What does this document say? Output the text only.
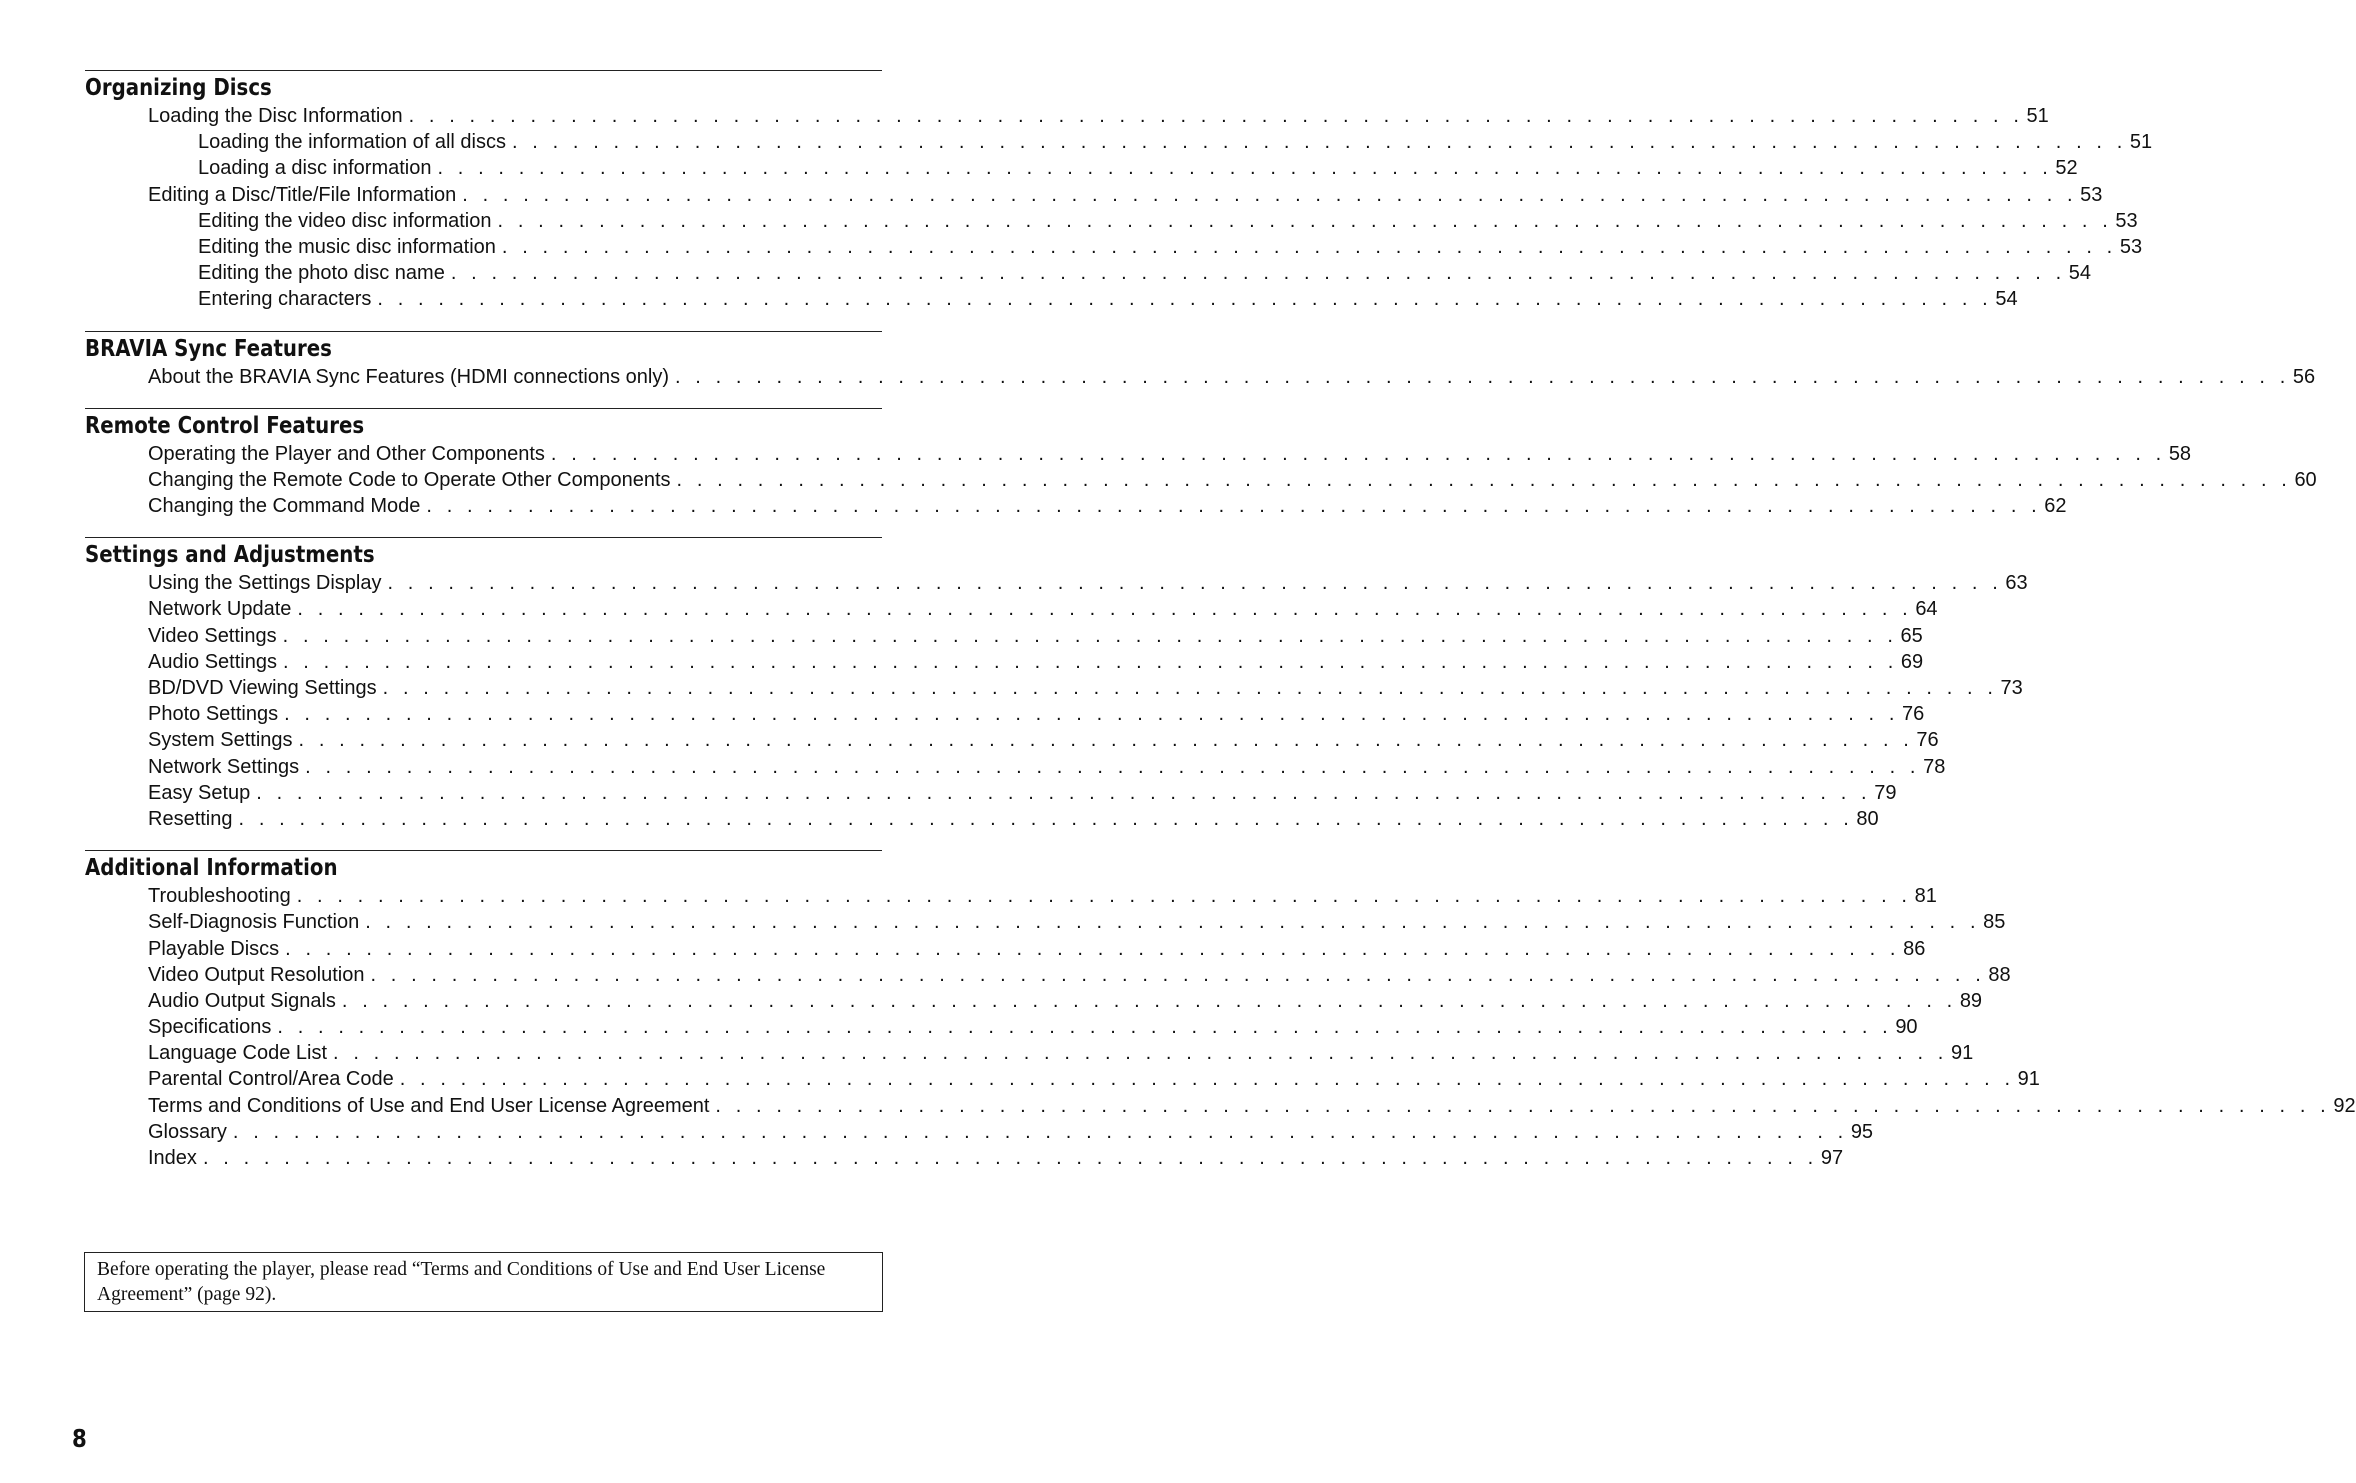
Organizing Discs
Loading the Disc Information . . . . . . . . . . . . . . . . . . . . . . . . . . . . . . . . . . . . . . . . . . . . . . . . . . . . . . . . . . . . . . . . . . . . . . . . . . . . . . . . 51
Loading the information of all discs . . . . . . . . . . . . . . . . . . . . . . . . . . . . . . . . . . . . . . . . . . . . . . . . . . . . . . . . . . . . . . . . . . . . . . . . . . . . . . . . 51
Loading a disc information . . . . . . . . . . . . . . . . . . . . . . . . . . . . . . . . . . . . . . . . . . . . . . . . . . . . . . . . . . . . . . . . . . . . . . . . . . . . . . . . 52
Editing a Disc/Title/File Information . . . . . . . . . . . . . . . . . . . . . . . . . . . . . . . . . . . . . . . . . . . . . . . . . . . . . . . . . . . . . . . . . . . . . . . . . . . . . . . . 53
Editing the video disc information . . . . . . . . . . . . . . . . . . . . . . . . . . . . . . . . . . . . . . . . . . . . . . . . . . . . . . . . . . . . . . . . . . . . . . . . . . . . . . . . 53
Editing the music disc information . . . . . . . . . . . . . . . . . . . . . . . . . . . . . . . . . . . . . . . . . . . . . . . . . . . . . . . . . . . . . . . . . . . . . . . . . . . . . . . . 53
Editing the photo disc name . . . . . . . . . . . . . . . . . . . . . . . . . . . . . . . . . . . . . . . . . . . . . . . . . . . . . . . . . . . . . . . . . . . . . . . . . . . . . . . . 54
Entering characters . . . . . . . . . . . . . . . . . . . . . . . . . . . . . . . . . . . . . . . . . . . . . . . . . . . . . . . . . . . . . . . . . . . . . . . . . . . . . . . . 54
BRAVIA Sync Features
About the BRAVIA Sync Features (HDMI connections only) . . . . . . . . . . . . . . . . . . . . . . . . . . . . . . . . . . . . . . . . . . . . . . . . . . . . . . . . . . . . . . . . . . . . . . . . . . . . . . . . 56
Remote Control Features
Operating the Player and Other Components . . . . . . . . . . . . . . . . . . . . . . . . . . . . . . . . . . . . . . . . . . . . . . . . . . . . . . . . . . . . . . . . . . . . . . . . . . . . . . . . 58
Changing the Remote Code to Operate Other Components . . . . . . . . . . . . . . . . . . . . . . . . . . . . . . . . . . . . . . . . . . . . . . . . . . . . . . . . . . . . . . . . . . . . . . . . . . . . . . . . 60
Changing the Command Mode . . . . . . . . . . . . . . . . . . . . . . . . . . . . . . . . . . . . . . . . . . . . . . . . . . . . . . . . . . . . . . . . . . . . . . . . . . . . . . . . 62
Settings and Adjustments
Using the Settings Display . . . . . . . . . . . . . . . . . . . . . . . . . . . . . . . . . . . . . . . . . . . . . . . . . . . . . . . . . . . . . . . . . . . . . . . . . . . . . . . . 63
Network Update . . . . . . . . . . . . . . . . . . . . . . . . . . . . . . . . . . . . . . . . . . . . . . . . . . . . . . . . . . . . . . . . . . . . . . . . . . . . . . . . 64
Video Settings . . . . . . . . . . . . . . . . . . . . . . . . . . . . . . . . . . . . . . . . . . . . . . . . . . . . . . . . . . . . . . . . . . . . . . . . . . . . . . . . 65
Audio Settings . . . . . . . . . . . . . . . . . . . . . . . . . . . . . . . . . . . . . . . . . . . . . . . . . . . . . . . . . . . . . . . . . . . . . . . . . . . . . . . . 69
BD/DVD Viewing Settings . . . . . . . . . . . . . . . . . . . . . . . . . . . . . . . . . . . . . . . . . . . . . . . . . . . . . . . . . . . . . . . . . . . . . . . . . . . . . . . . 73
Photo Settings . . . . . . . . . . . . . . . . . . . . . . . . . . . . . . . . . . . . . . . . . . . . . . . . . . . . . . . . . . . . . . . . . . . . . . . . . . . . . . . . 76
System Settings . . . . . . . . . . . . . . . . . . . . . . . . . . . . . . . . . . . . . . . . . . . . . . . . . . . . . . . . . . . . . . . . . . . . . . . . . . . . . . . . 76
Network Settings . . . . . . . . . . . . . . . . . . . . . . . . . . . . . . . . . . . . . . . . . . . . . . . . . . . . . . . . . . . . . . . . . . . . . . . . . . . . . . . . 78
Easy Setup . . . . . . . . . . . . . . . . . . . . . . . . . . . . . . . . . . . . . . . . . . . . . . . . . . . . . . . . . . . . . . . . . . . . . . . . . . . . . . . . 79
Resetting . . . . . . . . . . . . . . . . . . . . . . . . . . . . . . . . . . . . . . . . . . . . . . . . . . . . . . . . . . . . . . . . . . . . . . . . . . . . . . . . 80
Additional Information
Troubleshooting . . . . . . . . . . . . . . . . . . . . . . . . . . . . . . . . . . . . . . . . . . . . . . . . . . . . . . . . . . . . . . . . . . . . . . . . . . . . . . . . 81
Self-Diagnosis Function . . . . . . . . . . . . . . . . . . . . . . . . . . . . . . . . . . . . . . . . . . . . . . . . . . . . . . . . . . . . . . . . . . . . . . . . . . . . . . . . 85
Playable Discs . . . . . . . . . . . . . . . . . . . . . . . . . . . . . . . . . . . . . . . . . . . . . . . . . . . . . . . . . . . . . . . . . . . . . . . . . . . . . . . . 86
Video Output Resolution . . . . . . . . . . . . . . . . . . . . . . . . . . . . . . . . . . . . . . . . . . . . . . . . . . . . . . . . . . . . . . . . . . . . . . . . . . . . . . . . 88
Audio Output Signals . . . . . . . . . . . . . . . . . . . . . . . . . . . . . . . . . . . . . . . . . . . . . . . . . . . . . . . . . . . . . . . . . . . . . . . . . . . . . . . . 89
Specifications . . . . . . . . . . . . . . . . . . . . . . . . . . . . . . . . . . . . . . . . . . . . . . . . . . . . . . . . . . . . . . . . . . . . . . . . . . . . . . . . 90
Language Code List . . . . . . . . . . . . . . . . . . . . . . . . . . . . . . . . . . . . . . . . . . . . . . . . . . . . . . . . . . . . . . . . . . . . . . . . . . . . . . . . 91
Parental Control/Area Code . . . . . . . . . . . . . . . . . . . . . . . . . . . . . . . . . . . . . . . . . . . . . . . . . . . . . . . . . . . . . . . . . . . . . . . . . . . . . . . . 91
Terms and Conditions of Use and End User License Agreement . . . . . . . . . . . . . . . . . . . . . . . . . . . . . . . . . . . . . . . . . . . . . . . . . . . . . . . . . . . . . . . . . . . . . . . . . . . . . . . . 92
Glossary . . . . . . . . . . . . . . . . . . . . . . . . . . . . . . . . . . . . . . . . . . . . . . . . . . . . . . . . . . . . . . . . . . . . . . . . . . . . . . . . 95
Index . . . . . . . . . . . . . . . . . . . . . . . . . . . . . . . . . . . . . . . . . . . . . . . . . . . . . . . . . . . . . . . . . . . . . . . . . . . . . . . . 97
Before operating the player, please read “Terms and Conditions of Use and End User License Agreement” (page 92).
8
